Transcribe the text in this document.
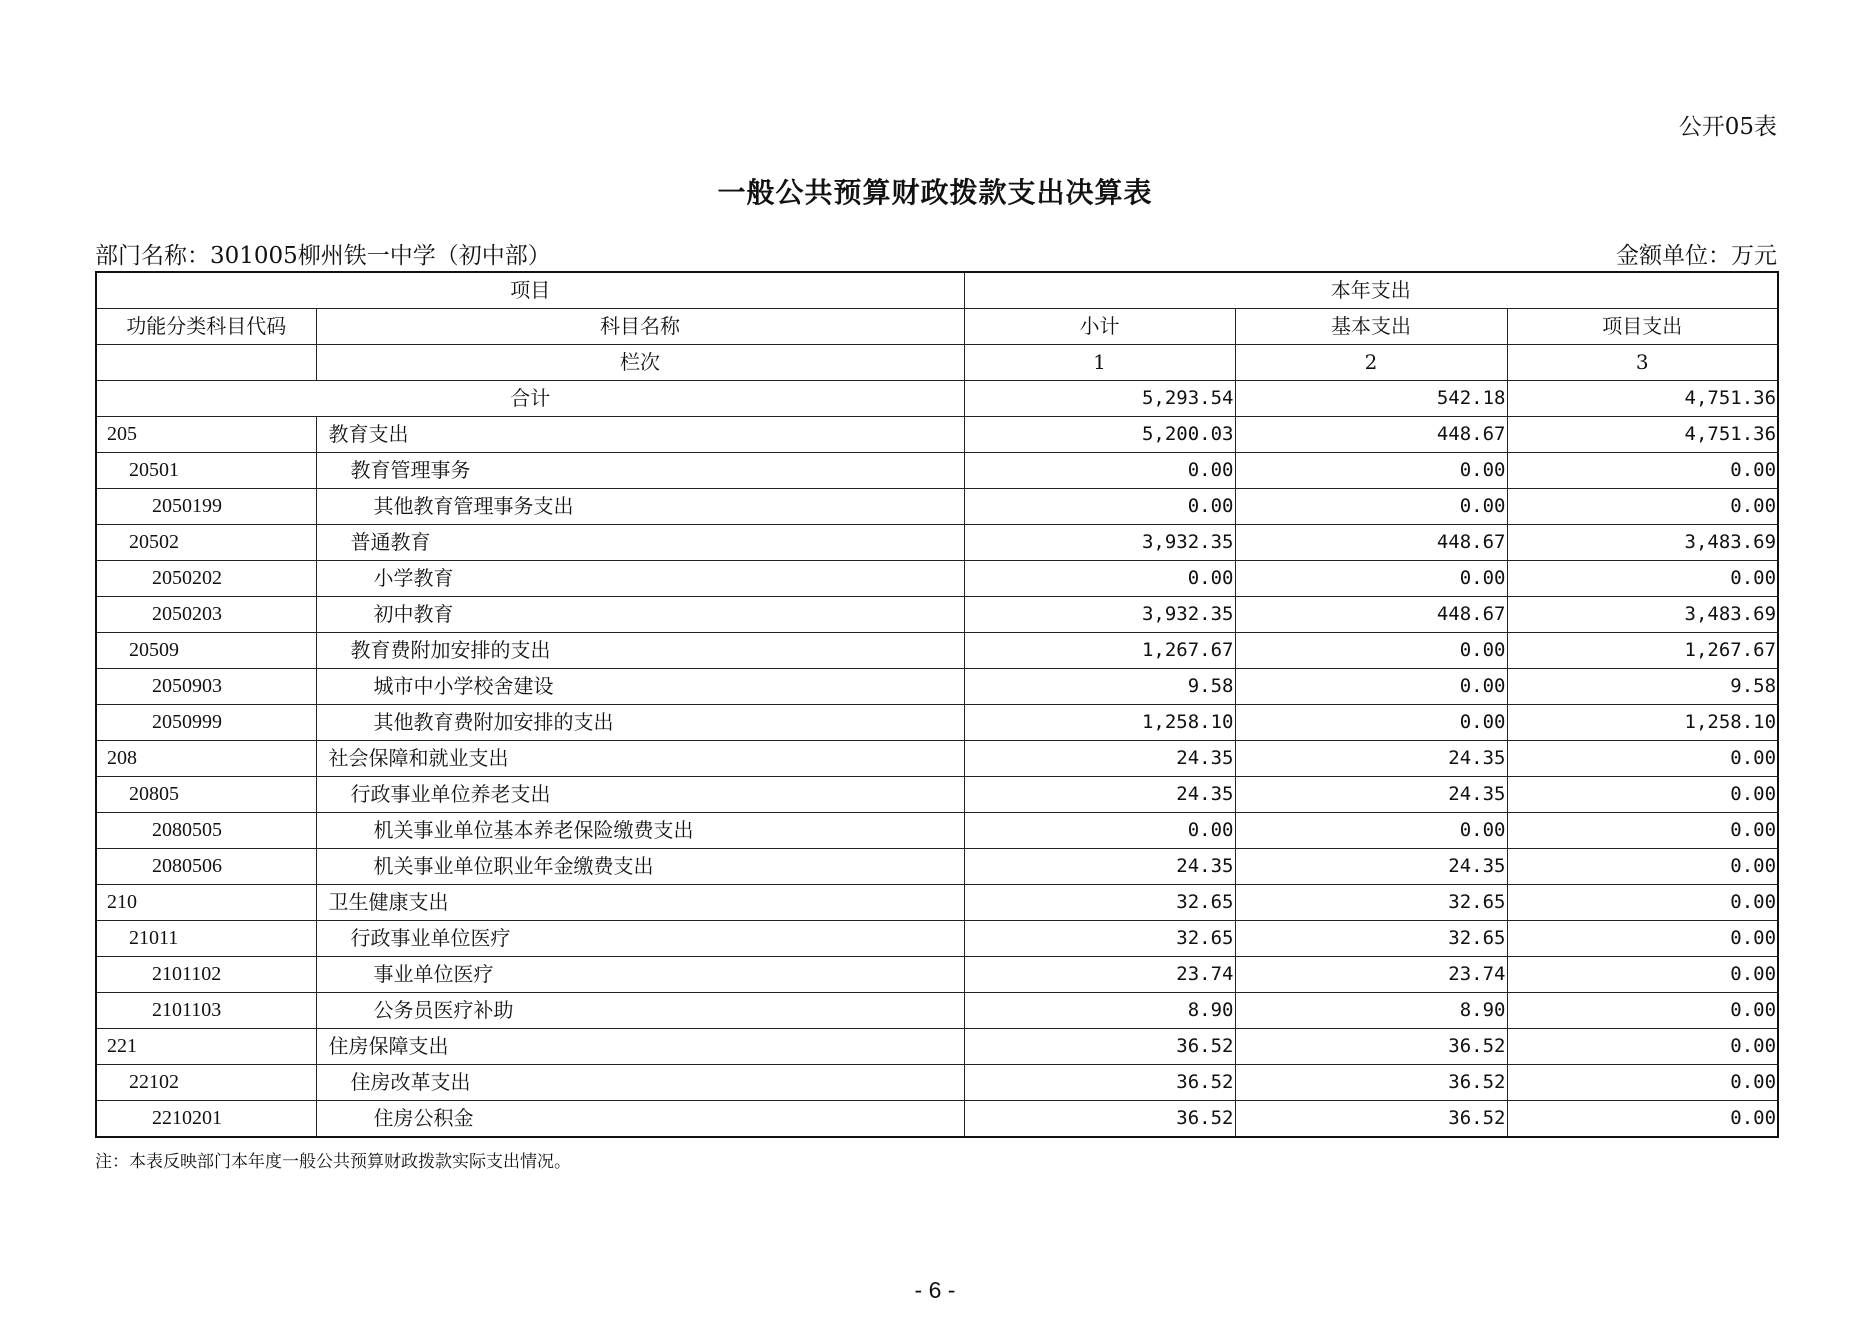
公开05表
一般公共预算财政拨款支出决算表
部门名称：301005柳州铁一中学（初中部）	金额单位：万元
项目		本年支出		
功能分类科目代码	科目名称	小计	基本支出	项目支出
	栏次	1	2	3
合计		5,293.54	542.18	4,751.36
205	教育支出	5,200.03	448.67	4,751.36
20501	教育管理事务	0.00	0.00	0.00
2050199	其他教育管理事务支出	0.00	0.00	0.00
20502	普通教育	3,932.35	448.67	3,483.69
2050202	小学教育	0.00	0.00	0.00
2050203	初中教育	3,932.35	448.67	3,483.69
20509	教育费附加安排的支出	1,267.67	0.00	1,267.67
2050903	城市中小学校舍建设	9.58	0.00	9.58
2050999	其他教育费附加安排的支出	1,258.10	0.00	1,258.10
208	社会保障和就业支出	24.35	24.35	0.00
20805	行政事业单位养老支出	24.35	24.35	0.00
2080505	机关事业单位基本养老保险缴费支出	0.00	0.00	0.00
2080506	机关事业单位职业年金缴费支出	24.35	24.35	0.00
210	卫生健康支出	32.65	32.65	0.00
21011	行政事业单位医疗	32.65	32.65	0.00
2101102	事业单位医疗	23.74	23.74	0.00
2101103	公务员医疗补助	8.90	8.90	0.00
221	住房保障支出	36.52	36.52	0.00
22102	住房改革支出	36.52	36.52	0.00
2210201	住房公积金	36.52	36.52	0.00
注：本表反映部门本年度一般公共预算财政拨款实际支出情况。
- 6 -
